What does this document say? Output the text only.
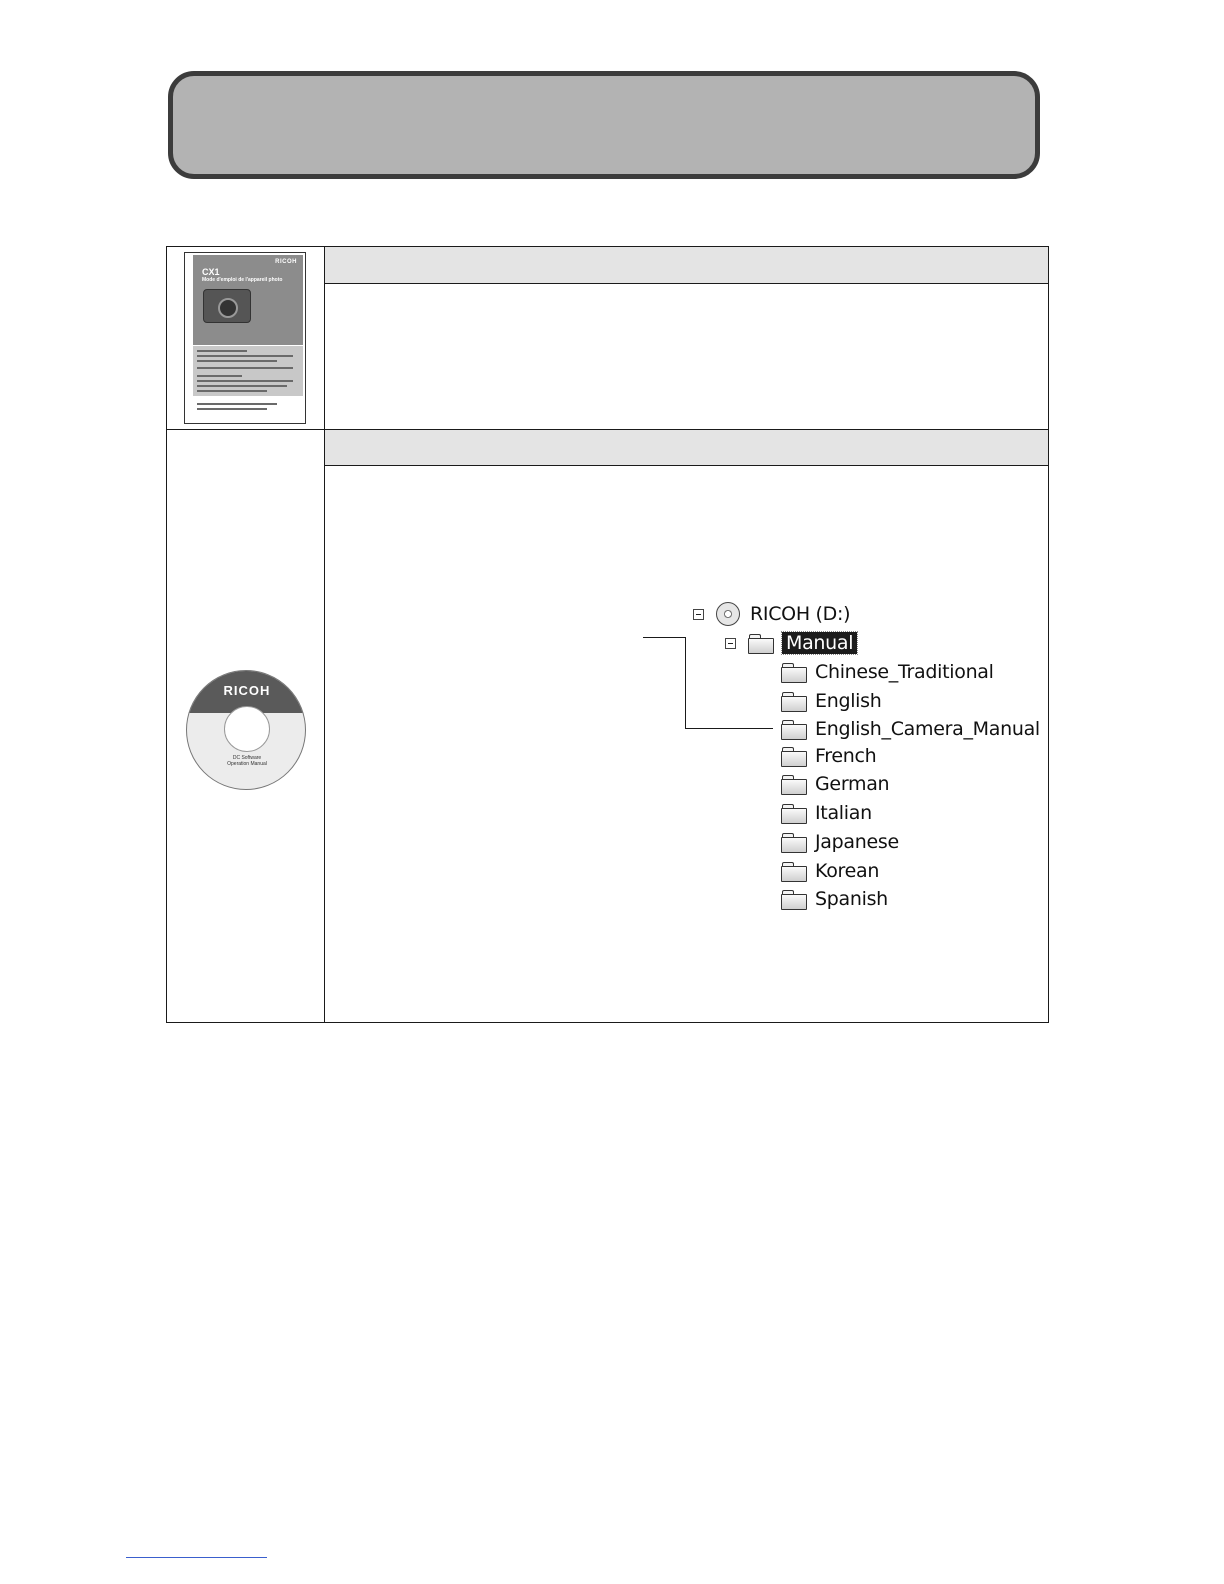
RICOH
CX1
Mode d'emploi de l'appareil photo
RICOH
DC Software
Operation Manual
RICOH (D:)
Manual
Chinese_Traditional
English
English_Camera_Manual
French
German
Italian
Japanese
Korean
Spanish
